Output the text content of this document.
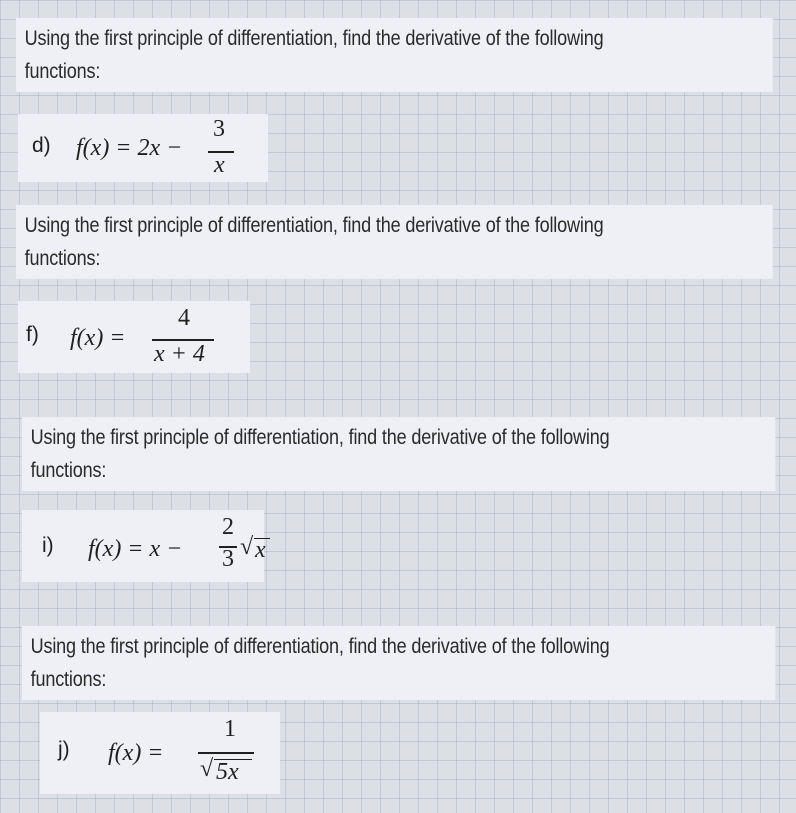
Using the first principle of differentiation, find the derivative of the following
functions:
d) f(x) = 2x −
3
x
Using the first principle of differentiation, find the derivative of the following
functions:
f) f(x) =
4
x + 4
Using the first principle of differentiation, find the derivative of the following
functions:
i) f(x) = x −
2
3 √ x
Using the first principle of differentiation, find the derivative of the following
functions:
j) f(x) =
1
√ 5x
